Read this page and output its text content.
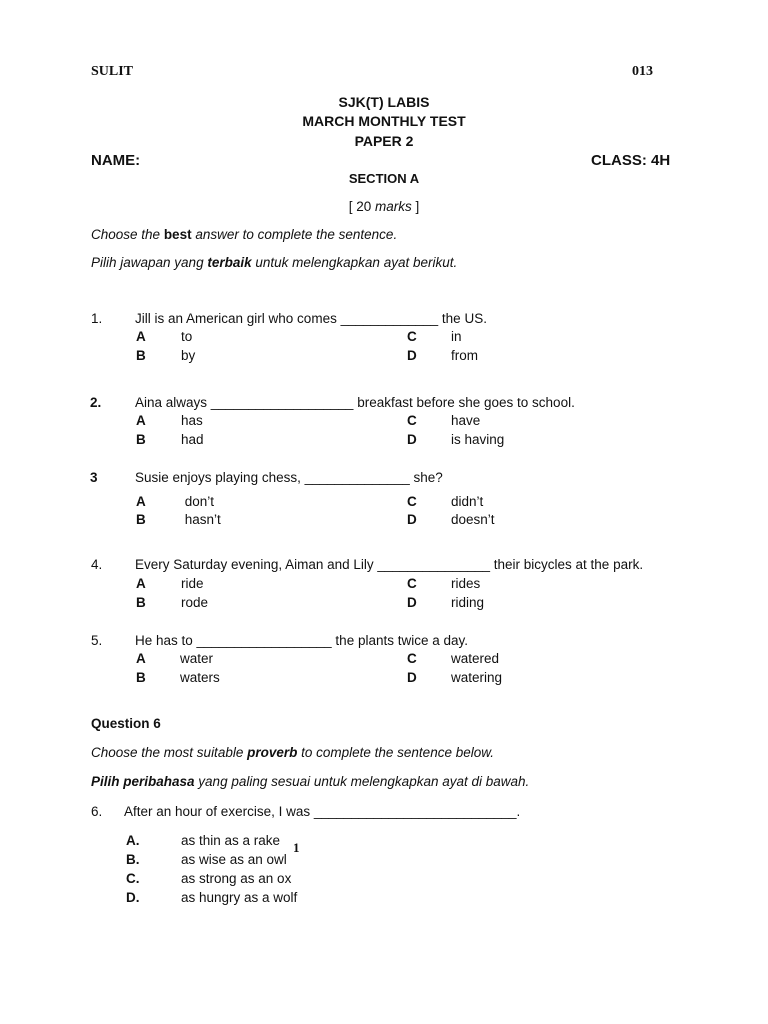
SULIT	013
SJK(T) LABIS
MARCH MONTHLY TEST
PAPER 2
NAME:	CLASS: 4H
SECTION A
[ 20 marks ]
Choose the best answer to complete the sentence.
Pilih jawapan yang terbaik untuk melengkapkan ayat berikut.
1. Jill is an American girl who comes _____________ the US.
A	to	C	in
B	by	D	from
2. Aina always ___________________ breakfast before she goes to school.
A	has	C	have
B	had	D	is having
3	Susie enjoys playing chess, ______________ she?
A	don’t	C	didn’t
B	hasn’t	D	doesn’t
4. Every Saturday evening, Aiman and Lily _______________ their bicycles at the park.
A	ride	C	rides
B	rode	D	riding
5. He has to __________________ the plants twice a day.
A	water	C	watered
B	waters	D	watering
Question 6
Choose the most suitable proverb to complete the sentence below.
Pilih peribahasa yang paling sesuai untuk melengkapkan ayat di bawah.
6. After an hour of exercise, I was ___________________________.
A.	as thin as a rake
B.	as wise as an owl
C.	as strong as an ox
D.	as hungry as a wolf
1
